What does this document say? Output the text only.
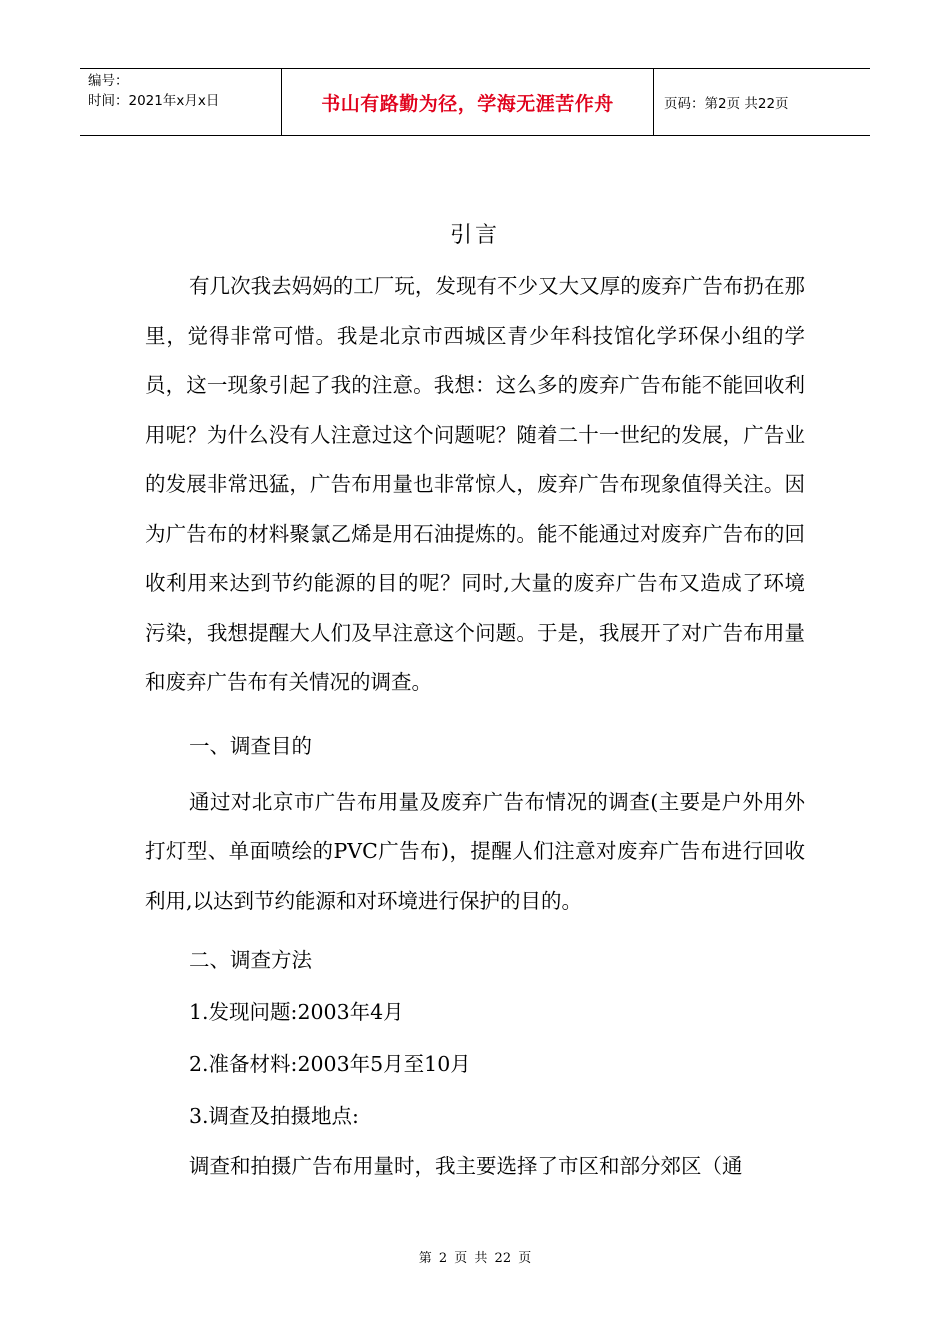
编号：
时间：2021年x月x日	书山有路勤为径，学海无涯苦作舟	页码：第2页 共22页
引言

有几次我去妈妈的工厂玩，发现有不少又大又厚的废弃广告布扔在那里，觉得非常可惜。我是北京市西城区青少年科技馆化学环保小组的学员，这一现象引起了我的注意。我想：这么多的废弃广告布能不能回收利用呢？为什么没有人注意过这个问题呢？随着二十一世纪的发展，广告业的发展非常迅猛，广告布用量也非常惊人，废弃广告布现象值得关注。因为广告布的材料聚氯乙烯是用石油提炼的。能不能通过对废弃广告布的回收利用来达到节约能源的目的呢？同时,大量的废弃广告布又造成了环境污染，我想提醒大人们及早注意这个问题。于是，我展开了对广告布用量和废弃广告布有关情况的调查。

一、调查目的

通过对北京市广告布用量及废弃广告布情况的调查(主要是户外用外打灯型、单面喷绘的PVC广告布)，提醒人们注意对废弃广告布进行回收利用,以达到节约能源和对环境进行保护的目的。

二、调查方法

1.发现问题:2003年4月

2.准备材料:2003年5月至10月

3.调查及拍摄地点:

调查和拍摄广告布用量时，我主要选择了市区和部分郊区（通

第 2 页 共 22 页
